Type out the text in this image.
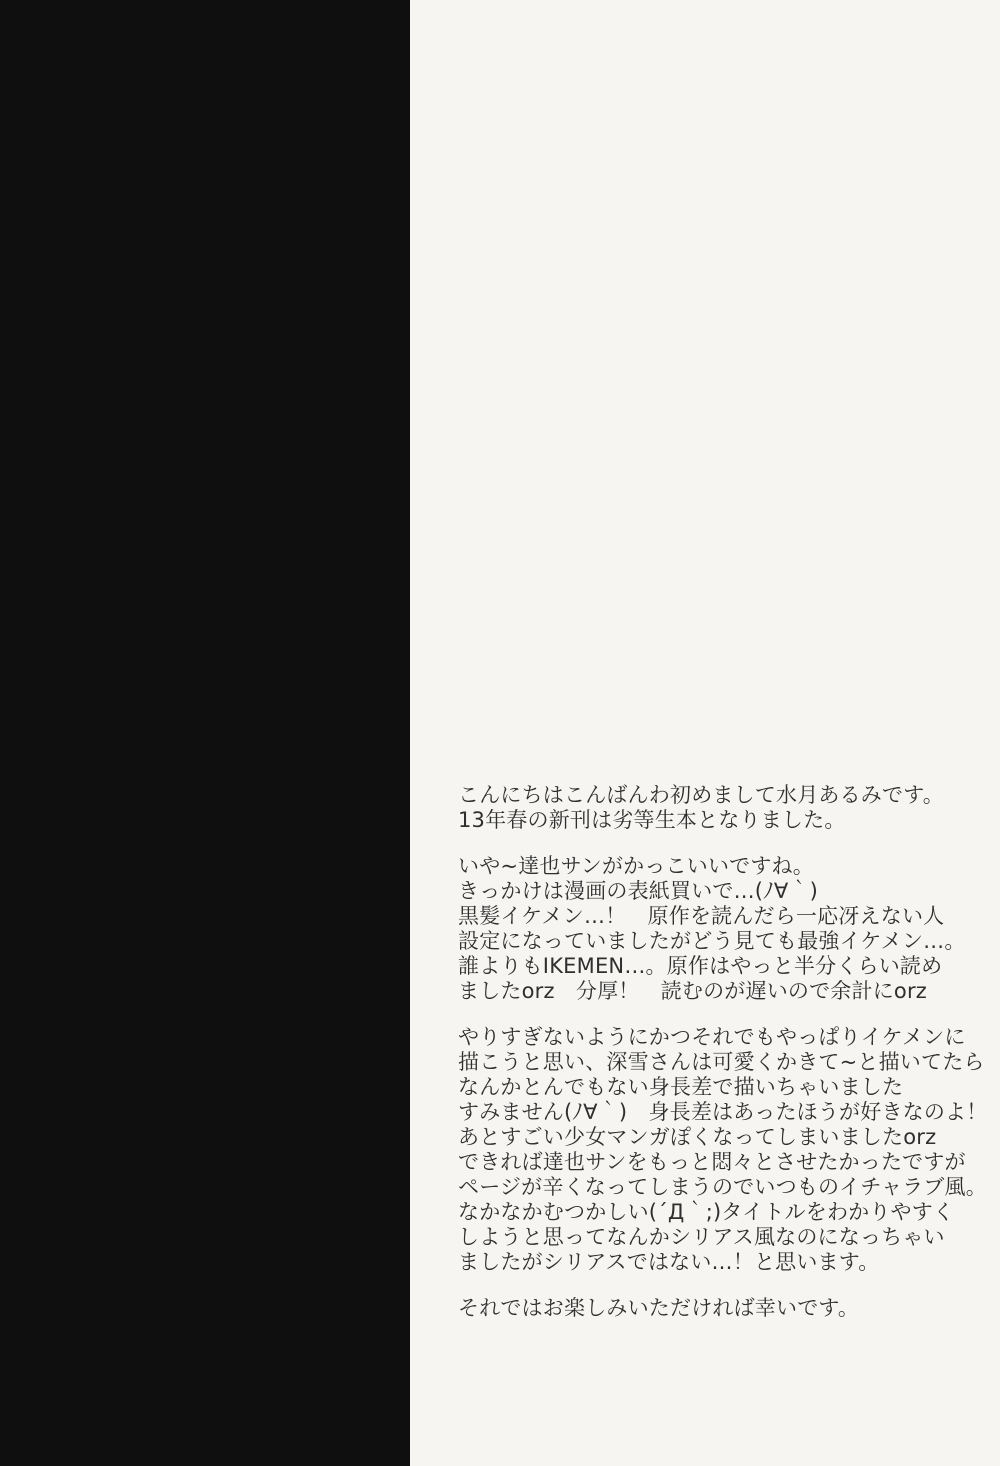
こんにちはこんばんわ初めまして水月あるみです。
13年春の新刊は劣等生本となりました。

いや~達也サンがかっこいいですね。
きっかけは漫画の表紙買いで…(ﾉ∀｀)
黒髪イケメン…！　原作を読んだら一応冴えない人
設定になっていましたがどう見ても最強イケメン…。
誰よりもIKEMEN…。原作はやっと半分くらい読め
ましたorz　分厚！　読むのが遅いので余計にorz

やりすぎないようにかつそれでもやっぱりイケメンに
描こうと思い、深雪さんは可愛くかきて~と描いてたら
なんかとんでもない身長差で描いちゃいました
すみません(ﾉ∀｀)　身長差はあったほうが好きなのよ！
あとすごい少女マンガぽくなってしまいましたorz
できれば達也サンをもっと悶々とさせたかったですが
ページが辛くなってしまうのでいつものイチャラブ風。
なかなかむつかしい(´Д｀;)タイトルをわかりやすく
しようと思ってなんかシリアス風なのになっちゃい
ましたがシリアスではない…！と思います。

それではお楽しみいただければ幸いです。
